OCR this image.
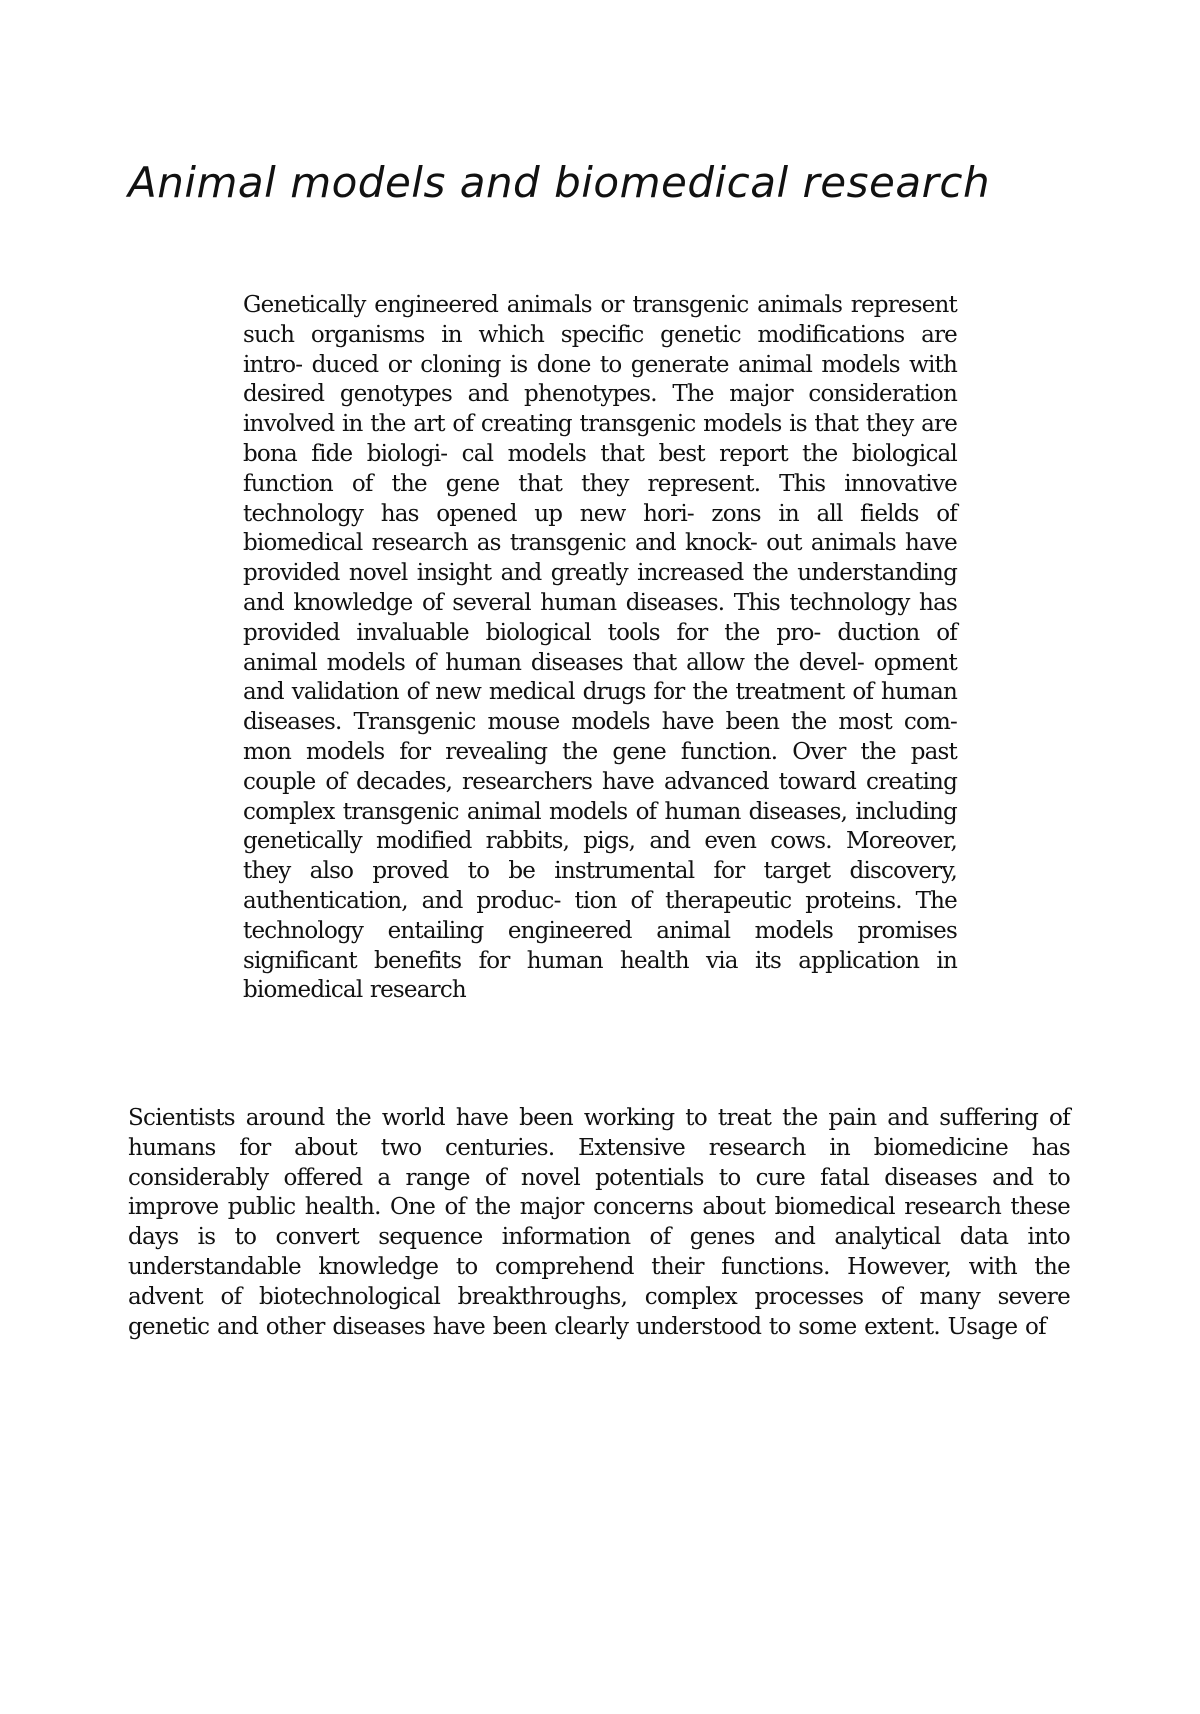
Animal models and biomedical research

Genetically engineered animals or transgenic animals represent such organisms in which specific genetic modifications are intro- duced or cloning is done to generate animal models with desired genotypes and phenotypes. The major consideration involved in the art of creating transgenic models is that they are bona fide biologi- cal models that best report the biological function of the gene that they represent. This innovative technology has opened up new hori- zons in all fields of biomedical research as transgenic and knock- out animals have provided novel insight and greatly increased the understanding and knowledge of several human diseases. This technology has provided invaluable biological tools for the pro- duction of animal models of human diseases that allow the devel- opment and validation of new medical drugs for the treatment of human diseases. Transgenic mouse models have been the most com- mon models for revealing the gene function. Over the past couple of decades, researchers have advanced toward creating complex transgenic animal models of human diseases, including genetically modified rabbits, pigs, and even cows. Moreover, they also proved to be instrumental for target discovery, authentication, and produc- tion of therapeutic proteins. The technology entailing engineered animal models promises significant benefits for human health via its application in biomedical research

Scientists around the world have been working to treat the pain and suffering of humans for about two centuries. Extensive research in biomedicine has considerably offered a range of novel potentials to cure fatal diseases and to improve public health. One of the major concerns about biomedical research these days is to convert sequence information of genes and analytical data into understandable knowledge to comprehend their functions. However, with the advent of biotechnological breakthroughs, complex processes of many severe genetic and other diseases have been clearly understood to some extent. Usage of
